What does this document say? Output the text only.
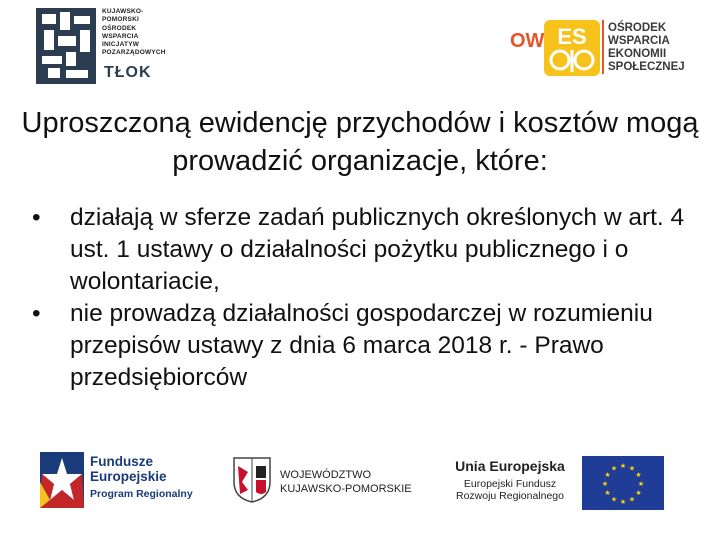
KUJAWSKO-
POMORSKI
OŚRODEK
WSPARCIA
INICJATYW
POZARZĄDOWYCH
TŁOK
OW ES OŚRODEK
WSPARCIA
EKONOMII
SPOŁECZNEJ
Uproszczoną ewidencję przychodów i kosztów mogą prowadzić organizacje, które:
• działają w sferze zadań publicznych określonych w art. 4 ust. 1 ustawy o działalności pożytku publicznego i o wolontariacie,
• nie prowadzą działalności gospodarczej w rozumieniu przepisów ustawy z dnia 6 marca 2018 r. - Prawo przedsiębiorców
Fundusze
Europejskie
Program Regionalny
WOJEWÓDZTWO
KUJAWSKO-POMORSKIE
Unia Europejska
Europejski Fundusz
Rozwoju Regionalnego
★ ★
★
★
★
★
★
★
★
★
★
★
